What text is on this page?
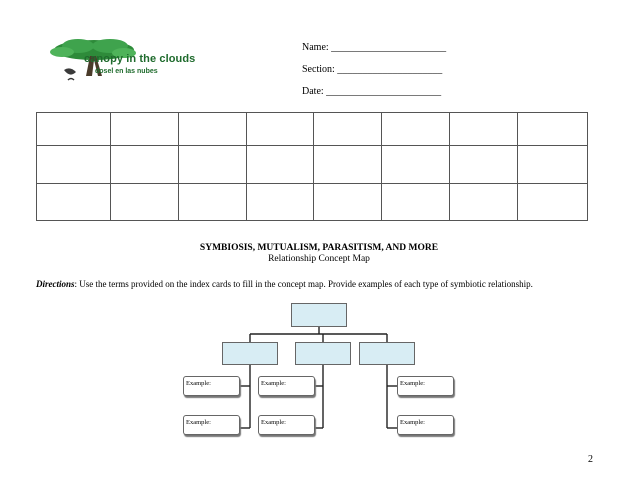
canopy in the clouds
dosel en las nubes
Name: _______________________
Section: _____________________
Date: _______________________

SYMBIOSIS, MUTUALISM, PARASITISM, AND MORE
Relationship Concept Map
Directions: Use the terms provided on the index cards to fill in the concept map. Provide examples of each type of symbiotic relationship.
Example:
Example:
Example:
Example:
Example:
Example:
2
